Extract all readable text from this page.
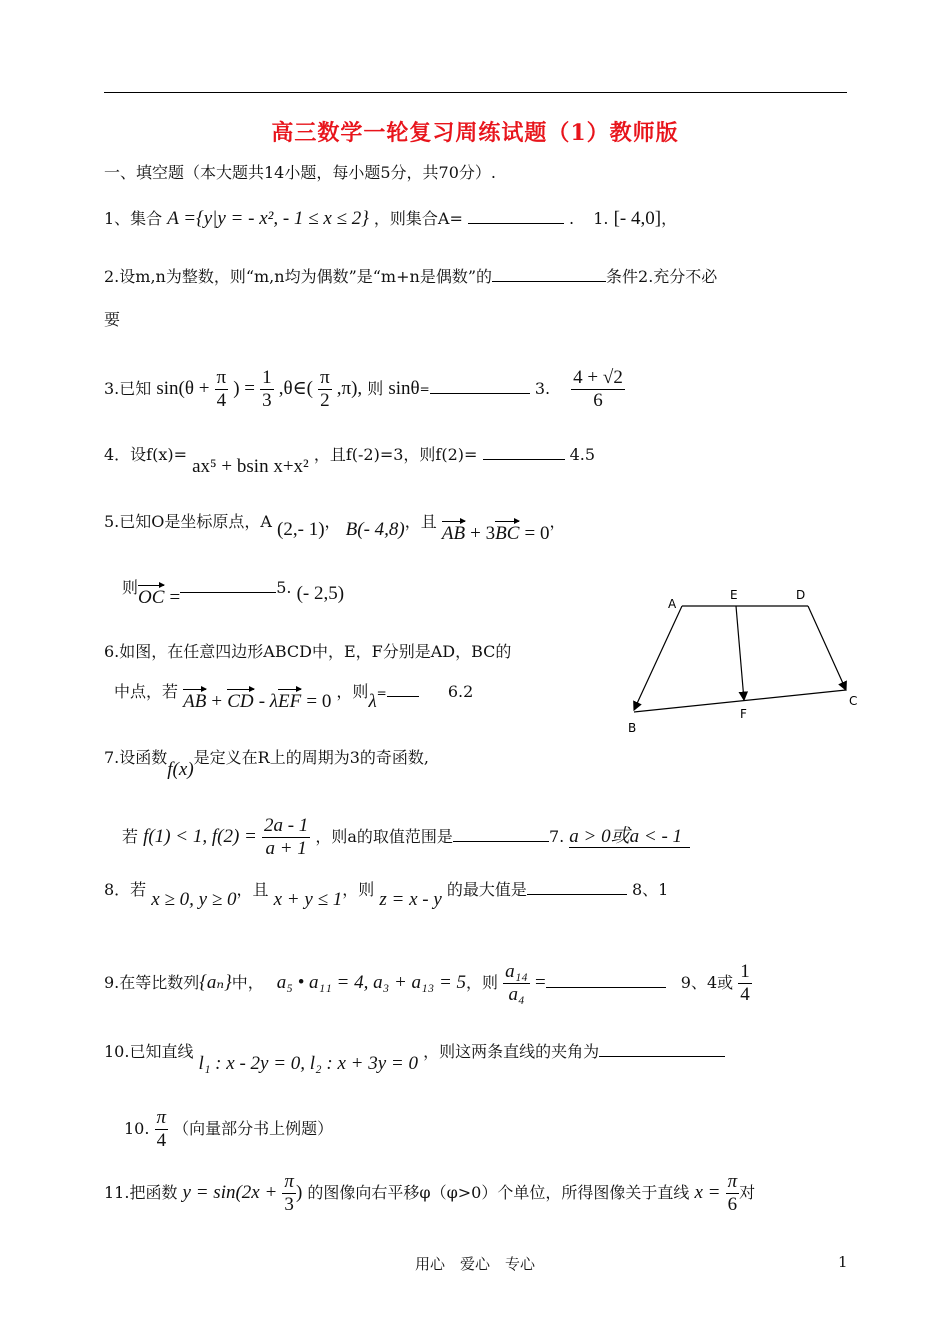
高三数学一轮复习周练试题（1）教师版
一、填空题（本大题共14小题，每小题5分，共70分）.
1、集合 A ={y|y = - x², - 1 ≤ x ≤ 2} ，则集合A=	. 1. [- 4,0]，
2.设m,n为整数，则“m,n均为偶数”是“m+n是偶数”的	条件2.充分不必
要
3.已知 $\sin(\theta + \frac{\pi}{4}$ ) = $\frac{1}{3}$ ,θ∈( $\frac{\pi}{2} ,\pi$), 则 sinθ=	3. $\frac{4 + √2}{6}$
4．设f(x)= ax⁵ + bsin x+x² ，且f(-2)=3，则f(2)=	4.5
5.已知O是坐标原点，A (2,- 1)， B(- 4,8)，且 AB + 3BC = 0，
则OC =	5. (- 2,5)
6.如图，在任意四边形ABCD中，E，F分别是AD，BC的
中点，若 AB + CD - λEF = 0 ，则λ=	6.2
A
B
C
D
E
F
7.设函数f(x)是定义在R上的周期为3的奇函数,
若 f(1) < 1, $f(2) = \frac{2a - 1}{a + 1}$ ，则a的取值范围是	7. a > 0或a < - 1
8．若 x ≥ 0, y ≥ 0，且 x + y ≤ 1，则 z = x - y 的最大值是	8、1
9.在等比数列{aₙ}中， a₅ • a₁₁ = 4, a₃ + a₁₃ = 5，则 $\frac{\text{a₁₄}}{\text{a₄}}$ =	9、4或 $\frac{1}{4}$
10.已知直线 l₁ : x - 2y = 0, l₂ : x + 3y = 0 ，则这两条直线的夹角为
10. $\frac{\pi}{4}$ （向量部分书上例题）
11.把函数 $y = \sin(2x + \frac{\pi}{3}$ ) 的图像向右平移φ（φ>0）个单位，所得图像关于直线 $x = \frac{\pi}{6}$ 对
用心　爱心　专心	1
